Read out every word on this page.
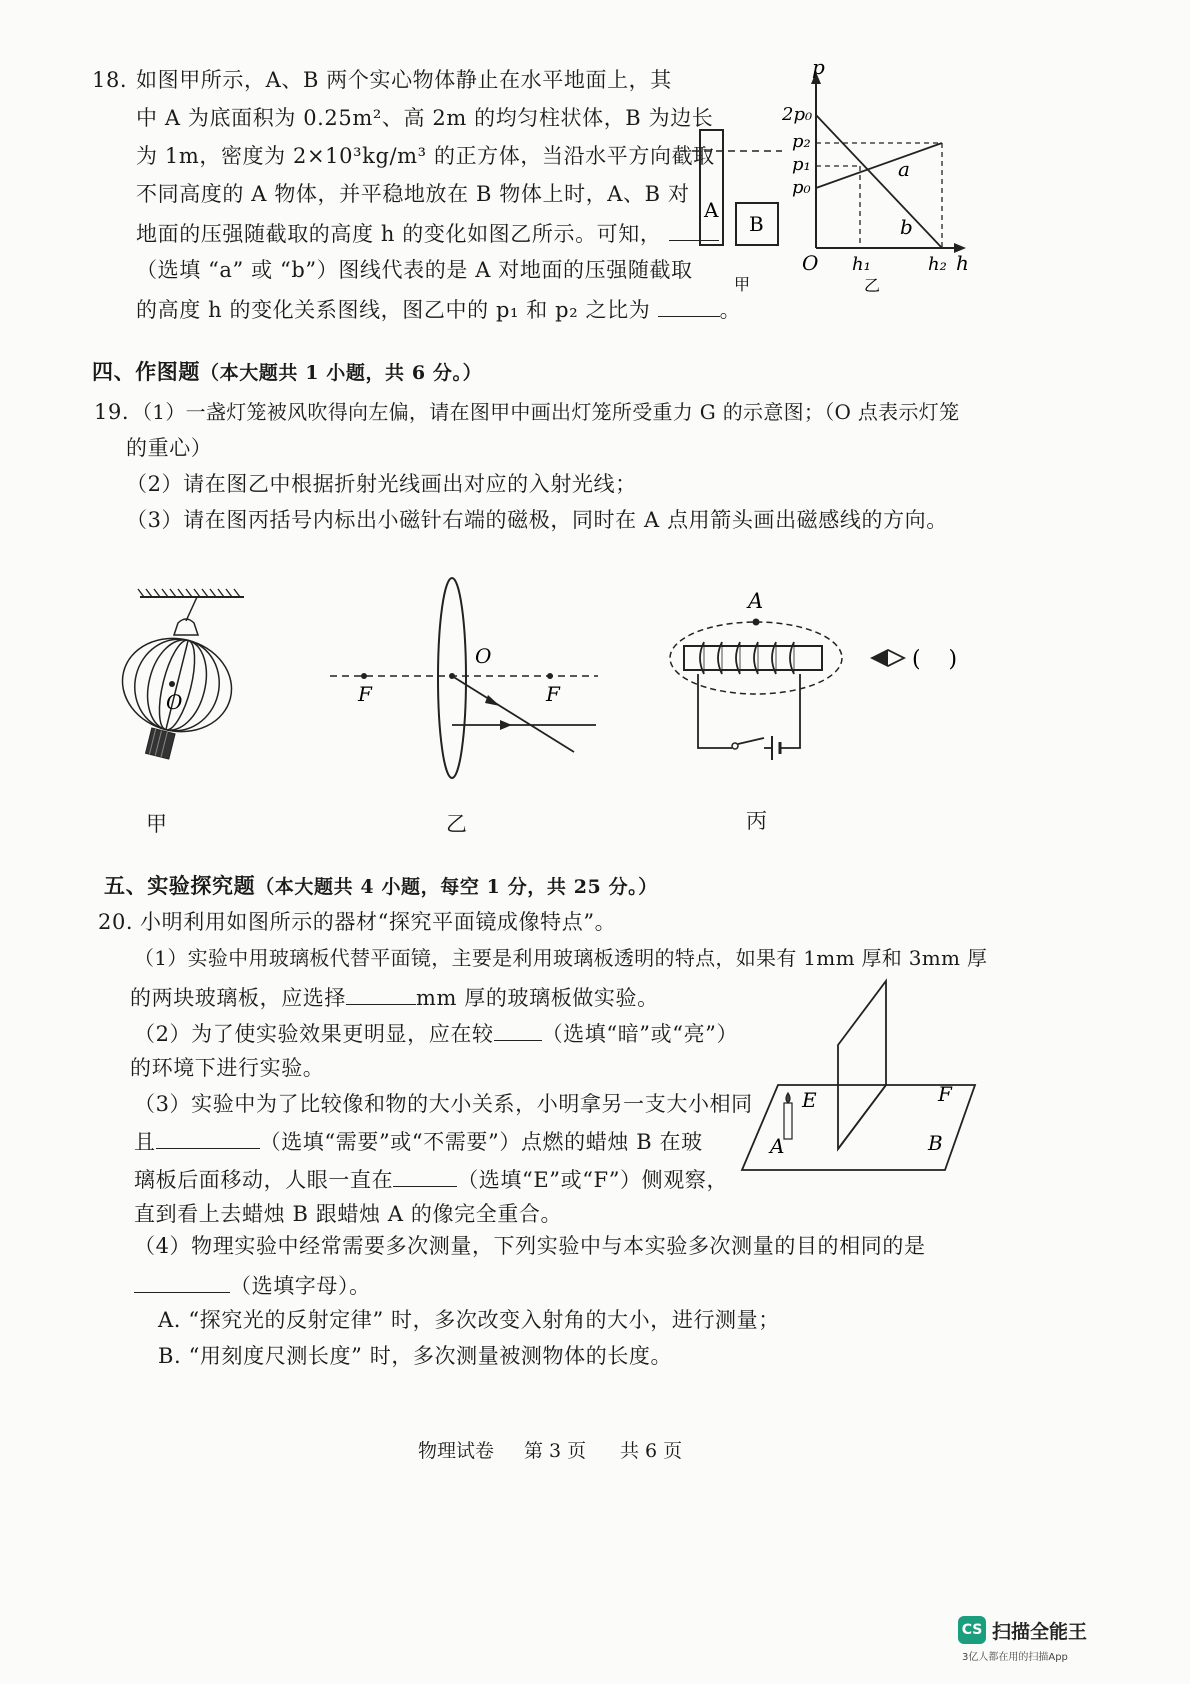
18. 如图甲所示，A、B 两个实心物体静止在水平地面上，其
中 A 为底面积为 0.25m²、高 2m 的均匀柱状体，B 为边长
为 1m，密度为 2×10³kg/m³ 的正方体，当沿水平方向截取
不同高度的 A 物体，并平稳地放在 B 物体上时，A、B 对
地面的压强随截取的高度 h 的变化如图乙所示。可知，
（选填 “a” 或 “b”）图线代表的是 A 对地面的压强随截取
的高度 h 的变化关系图线，图乙中的 p₁ 和 p₂ 之比为	。
A
B
甲
p
h
O
2p₀
p₂
p₁
p₀
a
b
h₁	h₂
乙
四、作图题（本大题共 1 小题，共 6 分。）
19. （1）一盏灯笼被风吹得向左偏，请在图甲中画出灯笼所受重力 G 的示意图；（O 点表示灯笼
的重心）
（2）请在图乙中根据折射光线画出对应的入射光线；
（3）请在图丙括号内标出小磁针右端的磁极，同时在 A 点用箭头画出磁感线的方向。
O
甲
F
O
F
乙
A
(    )
丙
五、实验探究题（本大题共 4 小题，每空 1 分，共 25 分。）
20. 小明利用如图所示的器材“探究平面镜成像特点”。
（1）实验中用玻璃板代替平面镜，主要是利用玻璃板透明的特点，如果有 1mm 厚和 3mm 厚
的两块玻璃板，应选择	mm 厚的玻璃板做实验。
（2）为了使实验效果更明显，应在较 （选填“暗”或“亮”）
的环境下进行实验。
（3）实验中为了比较像和物的大小关系，小明拿另一支大小相同
且	（选填“需要”或“不需要”）点燃的蜡烛 B 在玻
璃板后面移动，人眼一直在	（选填“E”或“F”）侧观察，
直到看上去蜡烛 B 跟蜡烛 A 的像完全重合。
（4）物理实验中经常需要多次测量，下列实验中与本实验多次测量的目的相同的是
（选填字母）。
A. “探究光的反射定律” 时，多次改变入射角的大小，进行测量；
B. “用刻度尺测长度” 时，多次测量被测物体的长度。
E	F
A	B
物理试卷 第 3 页 共 6 页
CS 扫描全能王
3亿人都在用的扫描App
